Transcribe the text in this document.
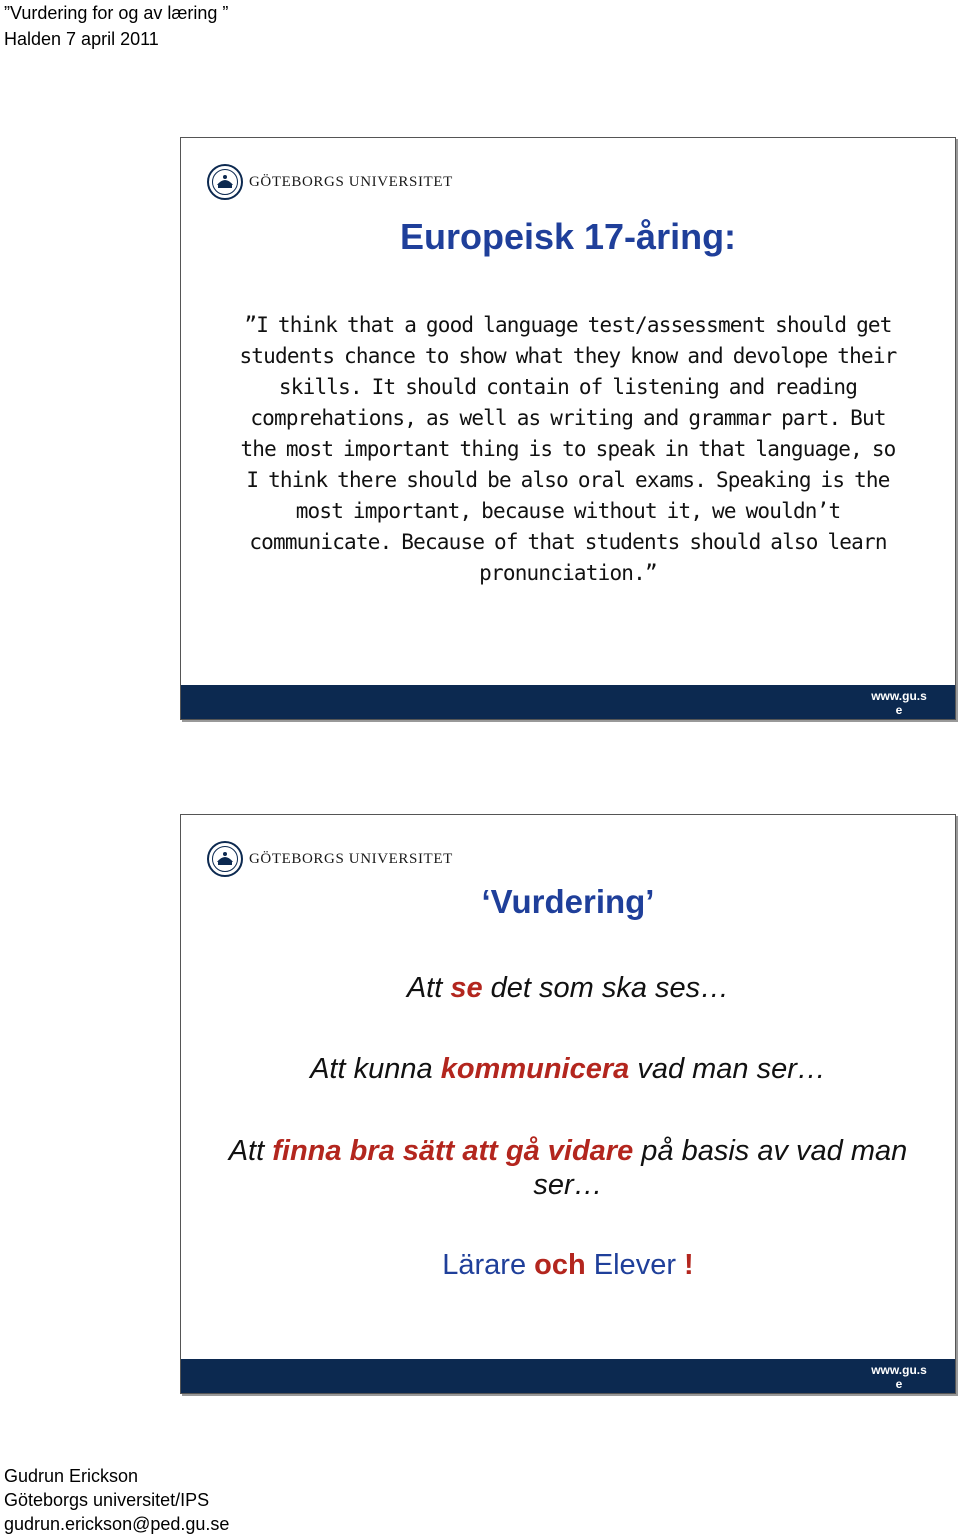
”Vurdering for og av læring ”
Halden 7 april 2011
GÖTEBORGS UNIVERSITET
Europeisk 17-åring:
”I think that a good language test/assessment should get students chance to show what they know and devolope their skills. It should contain of listening and reading comprehations, as well as writing and grammar part. But the most important thing is to speak in that language, so I think there should be also oral exams. Speaking is the most important, because without it, we wouldn’t communicate. Because of that students should also learn pronunciation.”
www.gu.s
e
GÖTEBORGS UNIVERSITET
‘Vurdering’
Att se det som ska ses…
Att kunna kommunicera vad man ser…
Att finna bra sätt att gå vidare på basis av vad man ser…
Lärare och Elever !
www.gu.s
e
Gudrun Erickson
Göteborgs universitet/IPS
gudrun.erickson@ped.gu.se
